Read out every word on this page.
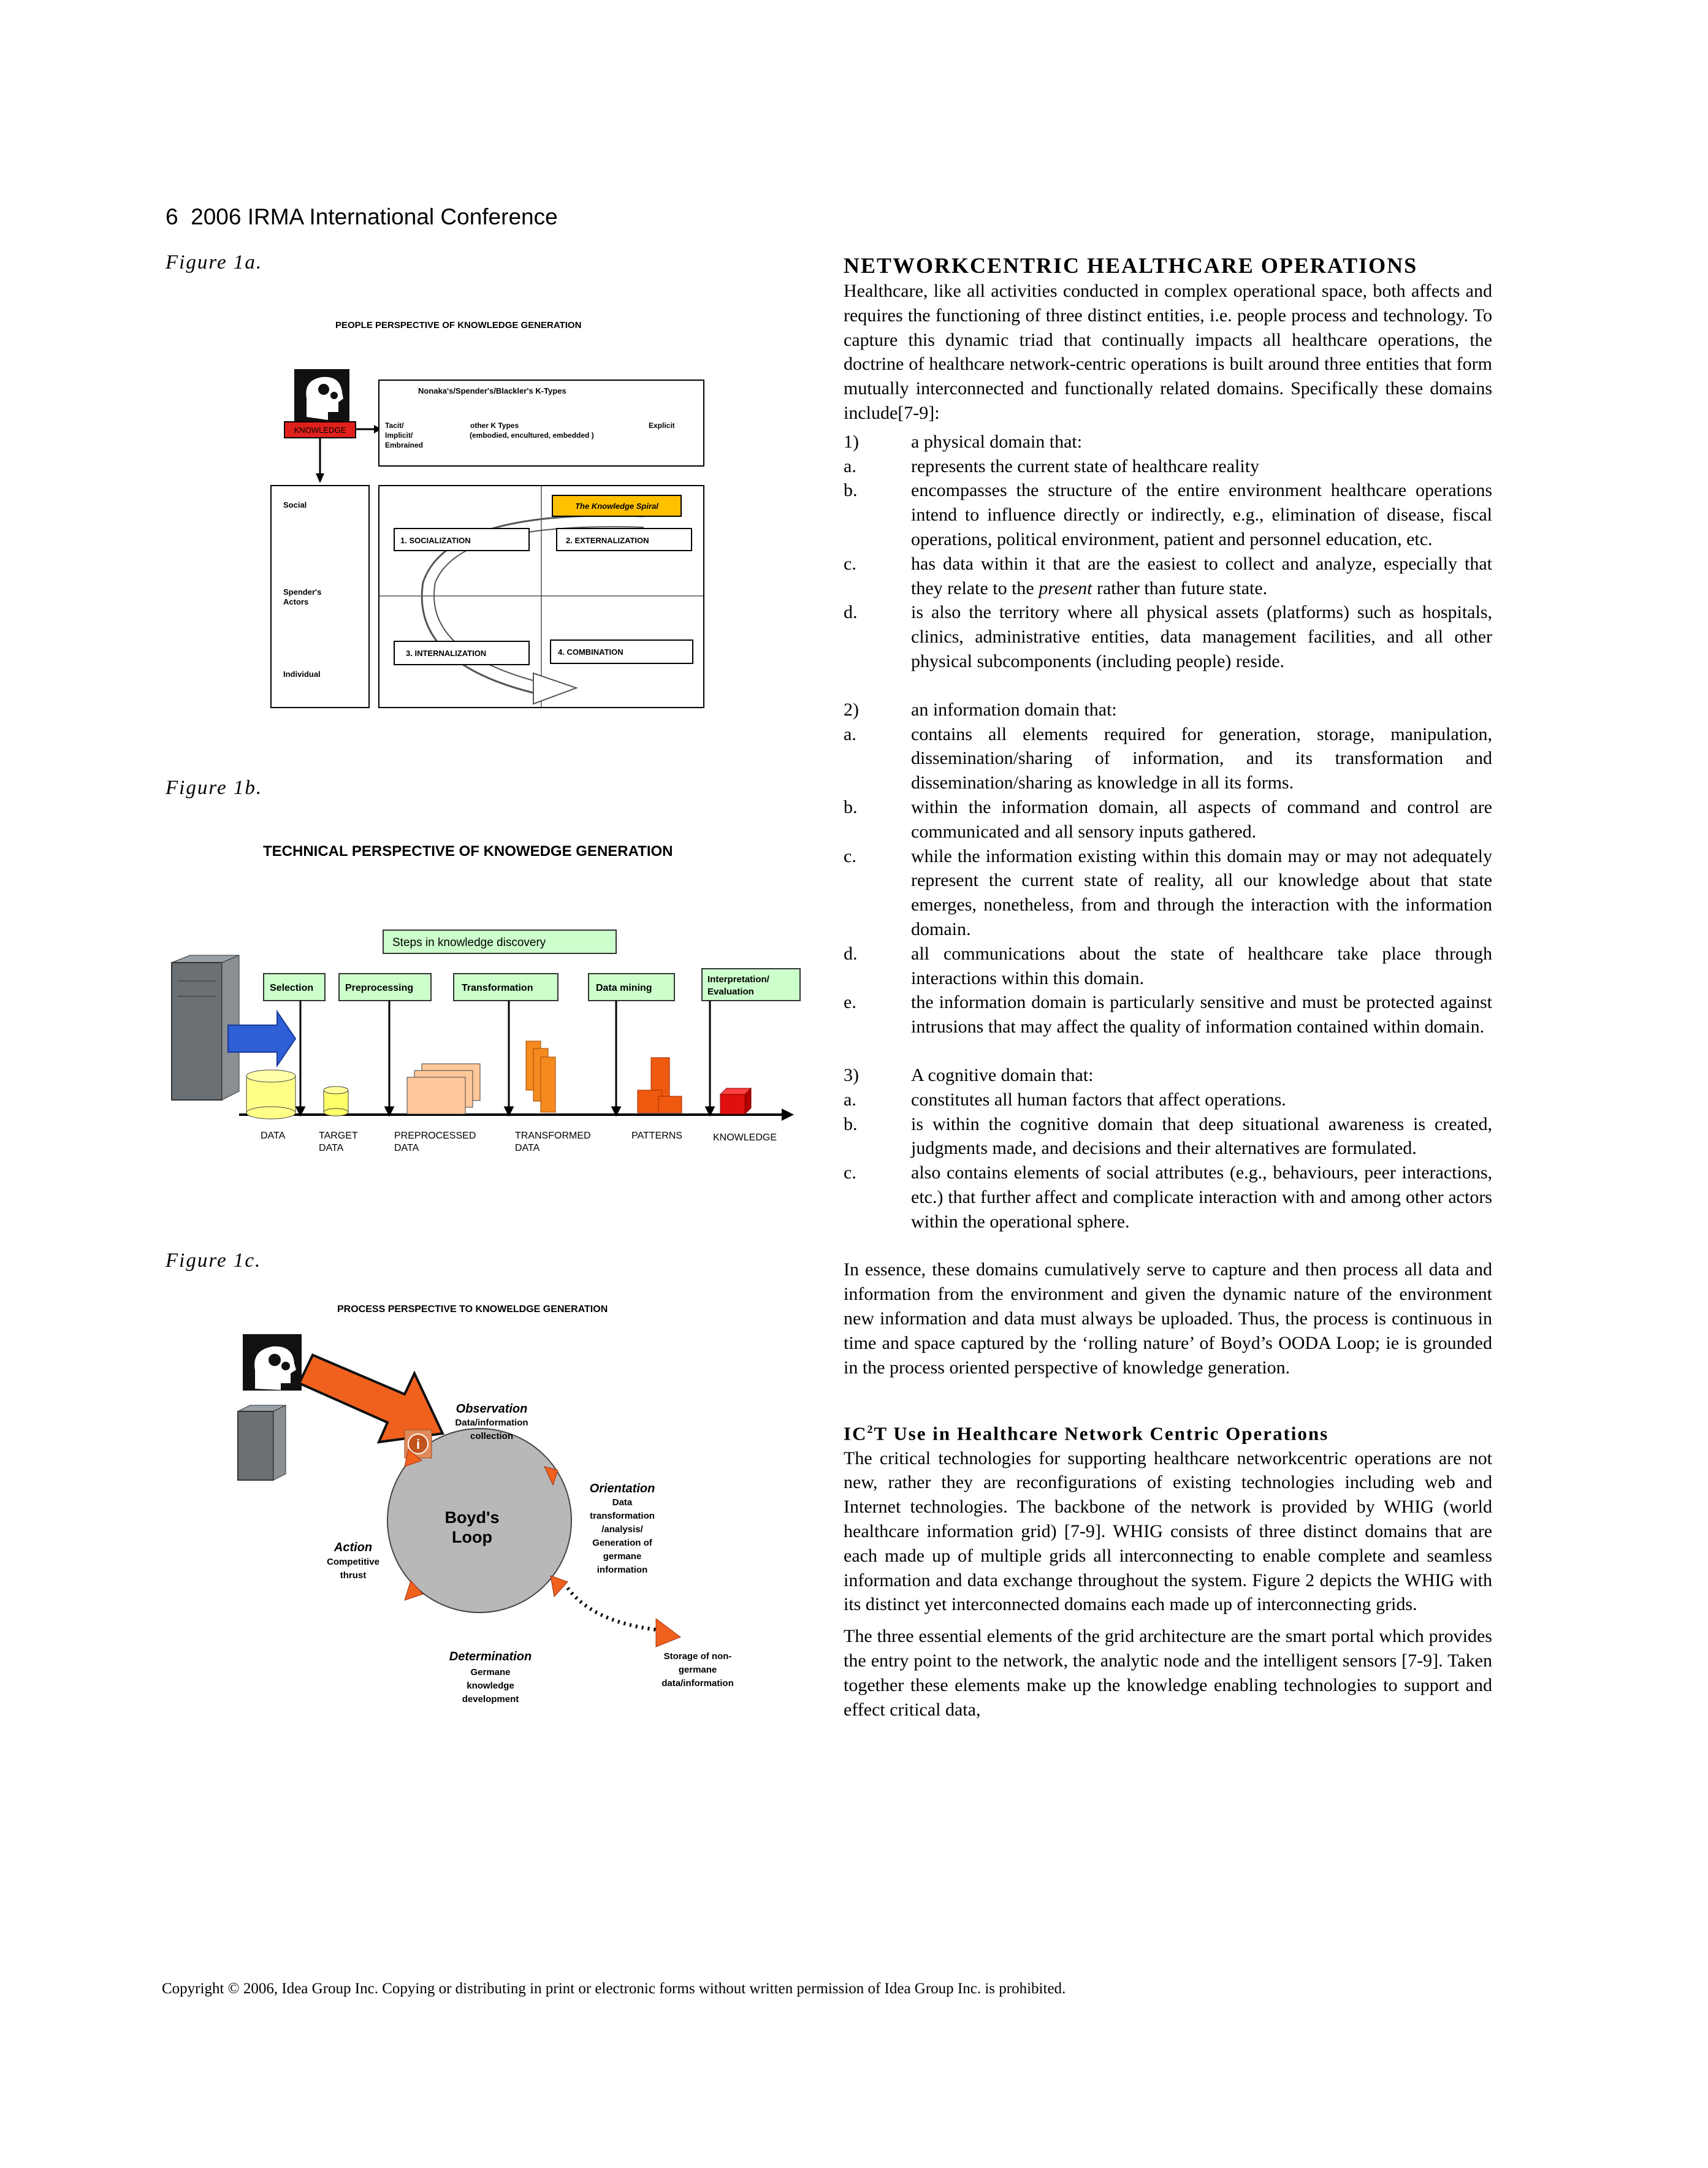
6 2006 IRMA International Conference
Figure 1a.
Figure 1b.
Figure 1c.
PEOPLE PERSPECTIVE OF KNOWLEDGE GENERATION
KNOWLEDGE
Nonaka's/Spender's/Blackler's K-Types
Tacit/
Implicit/
Embrained
other K Types
(embodied, encultured, embedded )
Explicit
Social
Spender's
Actors
Individual
The Knowledge Spiral
1. SOCIALIZATION	2. EXTERNALIZATION
3. INTERNALIZATION	4. COMBINATION
TECHNICAL PERSPECTIVE OF KNOWEDGE GENERATION
Steps in knowledge discovery
Selection	Preprocessing	Transformation	Data mining
Interpretation/
Evaluation
DATA	TARGET
DATA
PREPROCESSED
DATA
TRANSFORMED
DATA
PATTERNS	KNOWLEDGE
PROCESS PERSPECTIVE TO KNOWELDGE GENERATION
i
Boyd's
Loop
Observation
Data/information
collection
Orientation
Data
transformation
/analysis/
Generation of
germane
information
Action
Competitive
thrust
Determination
Germane
knowledge
development
Storage of non-
germane
data/information
NETWORKCENTRIC HEALTHCARE OPERATIONS

Healthcare, like all activities conducted in complex operational space, both affects and requires the functioning of three distinct entities, i.e. people process and technology. To capture this dynamic triad that continually impacts all healthcare operations, the doctrine of healthcare network-centric operations is built around three entities that form mutually interconnected and functionally related domains. Specifically these domains include[7-9]:

1)	a physical domain that:
a.	represents the current state of healthcare reality
b.	encompasses the structure of the entire environment healthcare operations intend to influence directly or indirectly, e.g., elimination of disease, fiscal operations, political environment, patient and personnel education, etc.
c.	has data within it that are the easiest to collect and analyze, especially that they relate to the present rather than future state.
d.	is also the territory where all physical assets (platforms) such as hospitals, clinics, administrative entities, data management facilities, and all other physical subcomponents (including people) reside.
2)	an information domain that:
a.	contains all elements required for generation, storage, manipulation, dissemination/sharing of information, and its transformation and dissemination/sharing as knowledge in all its forms.
b.	within the information domain, all aspects of command and control are communicated and all sensory inputs gathered.
c.	while the information existing within this domain may or may not adequately represent the current state of reality, all our knowledge about that state emerges, nonetheless, from and through the interaction with the information domain.
d.	all communications about the state of healthcare take place through interactions within this domain.
e.	the information domain is particularly sensitive and must be protected against intrusions that may affect the quality of information contained within domain.
3)	A cognitive domain that:
a.	constitutes all human factors that affect operations.
b.	is within the cognitive domain that deep situational awareness is created, judgments made, and decisions and their alternatives are formulated.
c.	also contains elements of social attributes (e.g., behaviours, peer interactions, etc.) that further affect and complicate interaction with and among other actors within the operational sphere.

In essence, these domains cumulatively serve to capture and then process all data and information from the environment and given the dynamic nature of the environment new information and data must always be uploaded. Thus, the process is continuous in time and space captured by the ‘rolling nature’ of Boyd’s OODA Loop; ie is grounded in the process oriented perspective of knowledge generation.

$IC^2T$ Use in Healthcare Network Centric Operations

The critical technologies for supporting healthcare networkcentric operations are not new, rather they are reconfigurations of existing technologies including web and Internet technologies. The backbone of the network is provided by WHIG (world healthcare information grid) [7-9]. WHIG consists of three distinct domains that are each made up of multiple grids all interconnecting to enable complete and seamless information and data exchange throughout the system. Figure 2 depicts the WHIG with its distinct yet interconnected domains each made up of interconnecting grids.

The three essential elements of the grid architecture are the smart portal which provides the entry point to the network, the analytic node and the intelligent sensors [7-9]. Taken together these elements make up the knowledge enabling technologies to support and effect critical data,

Copyright © 2006, Idea Group Inc. Copying or distributing in print or electronic forms without written permission of Idea Group Inc. is prohibited.
